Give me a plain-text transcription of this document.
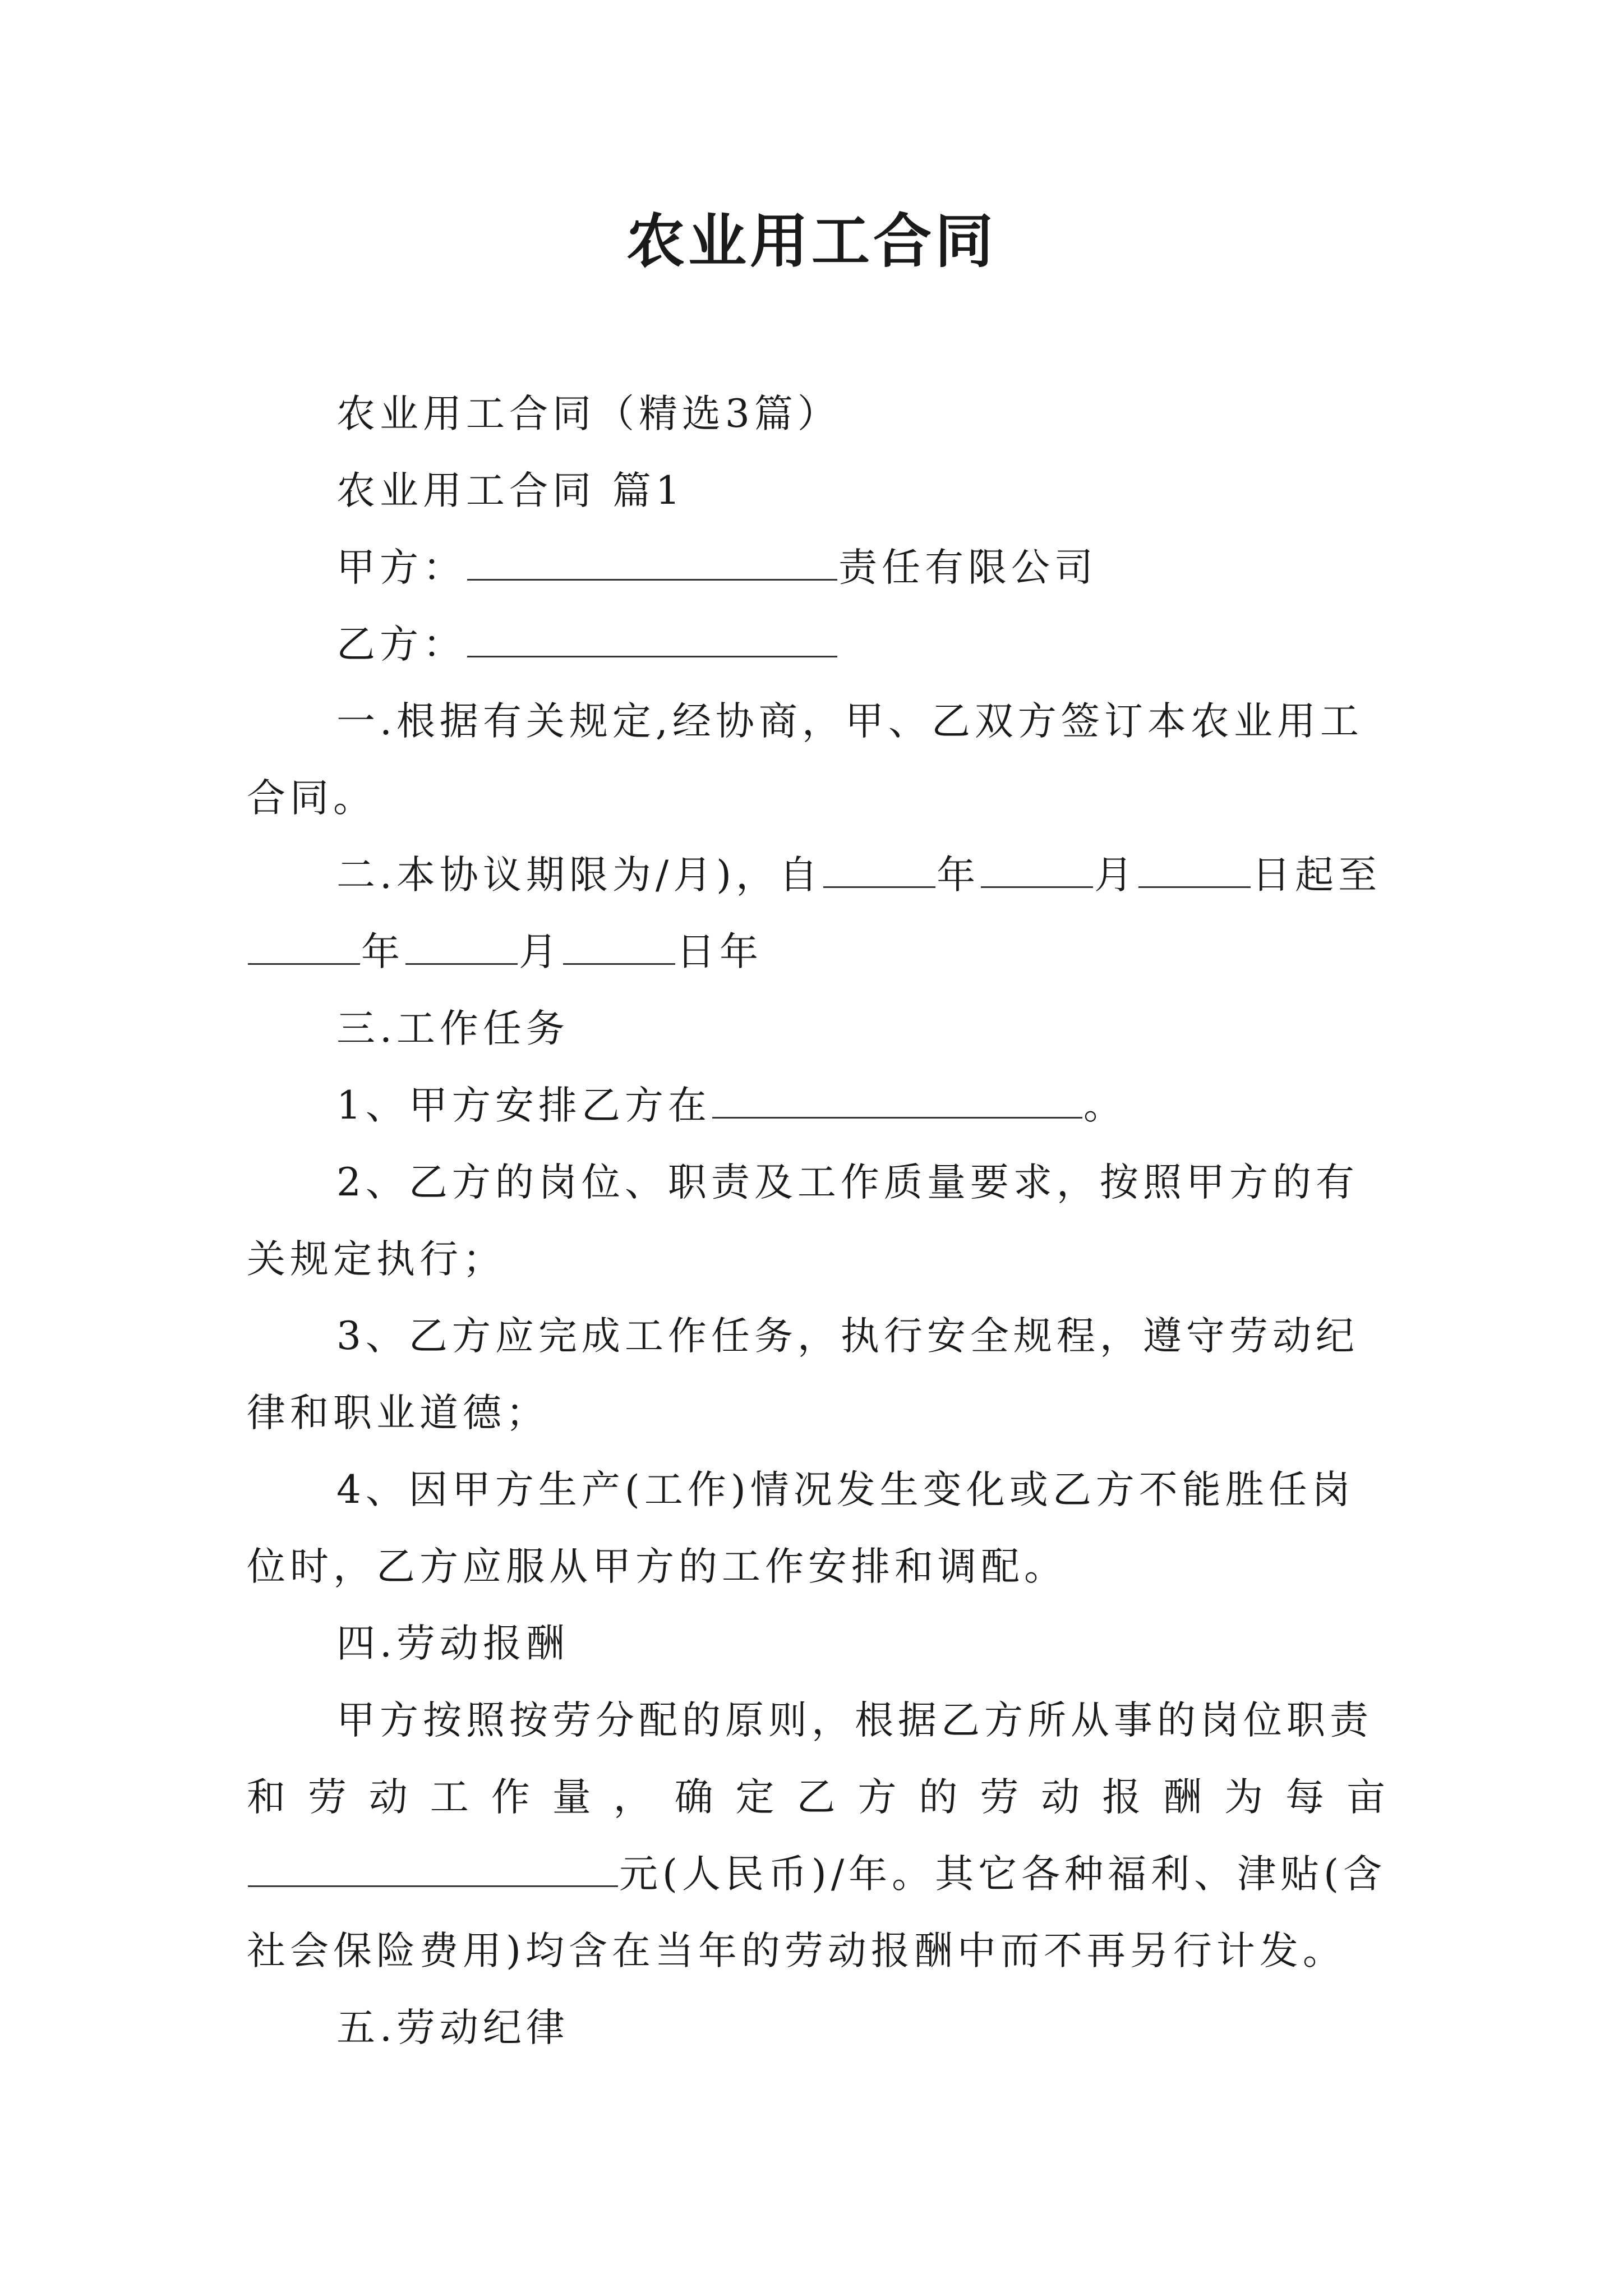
农业用工合同

农业用工合同（精选3篇）

农业用工合同 篇1

甲方：	责任有限公司

乙方：

一.根据有关规定,经协商，甲、乙双方签订本农业用工合同。

二.本协议期限为/月)，自	年	月	日起至年	月	日年

三.工作任务

1、甲方安排乙方在	。

2、乙方的岗位、职责及工作质量要求，按照甲方的有关规定执行；

3、乙方应完成工作任务，执行安全规程，遵守劳动纪律和职业道德；

4、因甲方生产(工作)情况发生变化或乙方不能胜任岗位时，乙方应服从甲方的工作安排和调配。

四.劳动报酬

甲方按照按劳分配的原则，根据乙方所从事的岗位职责

和劳动工作量，确定乙方的劳动报酬为每亩

元(人民币)/年。其它各种福利、津贴(含社会保险费用)均含在当年的劳动报酬中而不再另行计发。

五.劳动纪律
